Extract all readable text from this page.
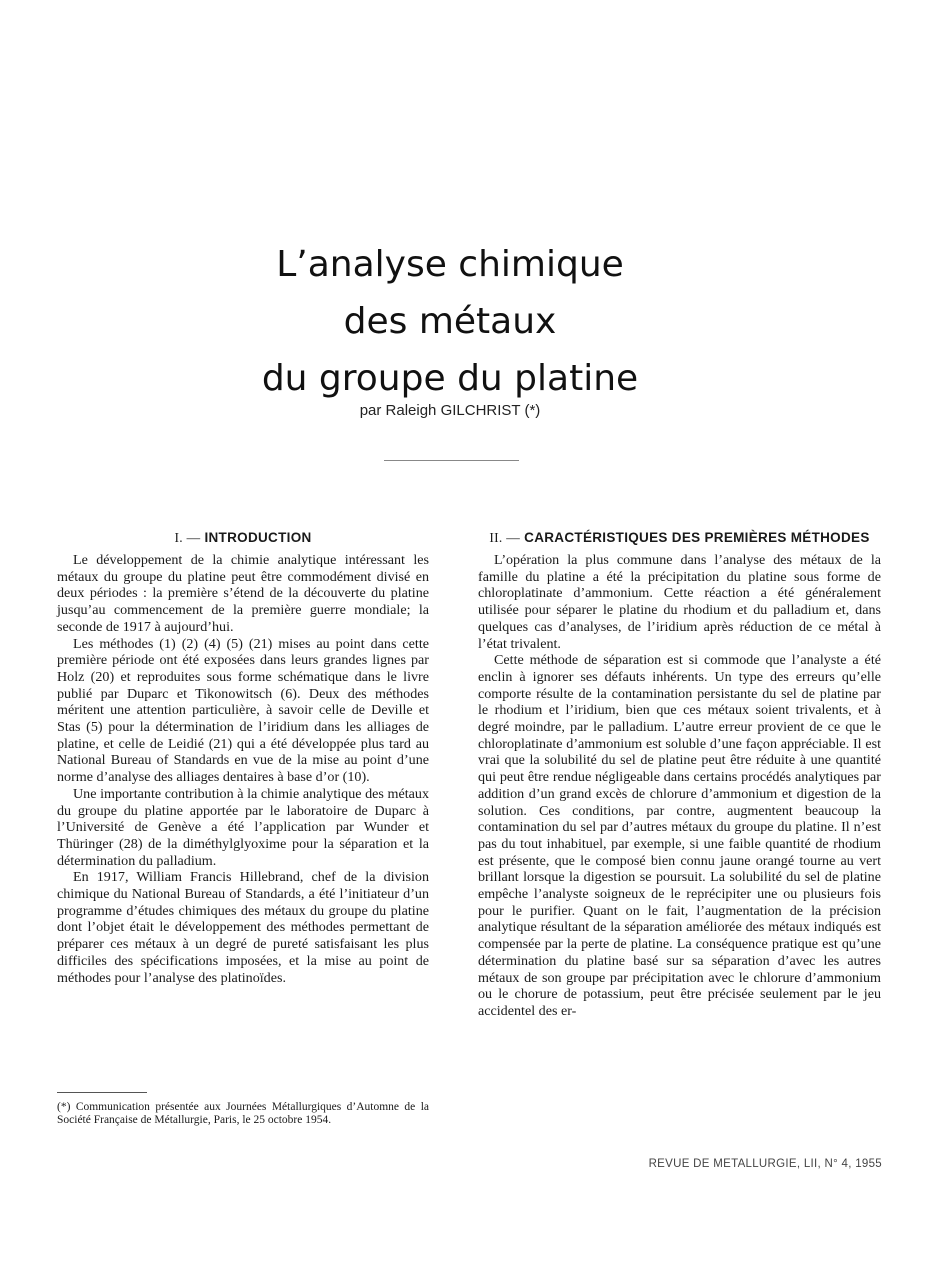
L’analyse chimique
des métaux
du groupe du platine
par Raleigh GILCHRIST (*)
I. — INTRODUCTION

Le développement de la chimie analytique intéressant les métaux du groupe du platine peut être commodément divisé en deux périodes : la première s’étend de la découverte du platine jusqu’au commencement de la première guerre mondiale; la seconde de 1917 à aujourd’hui.

Les méthodes (1) (2) (4) (5) (21) mises au point dans cette première période ont été exposées dans leurs grandes lignes par Holz (20) et reproduites sous forme schématique dans le livre publié par Duparc et Tikonowitsch (6). Deux des méthodes méritent une attention particulière, à savoir celle de Deville et Stas (5) pour la détermination de l’iridium dans les alliages de platine, et celle de Leidié (21) qui a été développée plus tard au National Bureau of Standards en vue de la mise au point d’une norme d’analyse des alliages dentaires à base d’or (10).

Une importante contribution à la chimie analytique des métaux du groupe du platine apportée par le laboratoire de Duparc à l’Université de Genève a été l’application par Wunder et Thüringer (28) de la diméthylglyoxime pour la séparation et la détermination du palladium.

En 1917, William Francis Hillebrand, chef de la division chimique du National Bureau of Standards, a été l’initiateur d’un programme d’études chimiques des métaux du groupe du platine dont l’objet était le développement des méthodes permettant de préparer ces métaux à un degré de pureté satisfaisant les plus difficiles des spécifications imposées, et la mise au point de méthodes pour l’analyse des platinoïdes.

(*) Communication présentée aux Journées Métallurgiques d’Automne de la Société Française de Métallurgie, Paris, le 25 octobre 1954.
II. — CARACTÉRISTIQUES DES PREMIÈRES MÉTHODES

L’opération la plus commune dans l’analyse des métaux de la famille du platine a été la précipitation du platine sous forme de chloroplatinate d’ammonium. Cette réaction a été généralement utilisée pour séparer le platine du rhodium et du palladium et, dans quelques cas d’analyses, de l’iridium après réduction de ce métal à l’état trivalent.

Cette méthode de séparation est si commode que l’analyste a été enclin à ignorer ses défauts inhérents. Un type des erreurs qu’elle comporte résulte de la contamination persistante du sel de platine par le rhodium et l’iridium, bien que ces métaux soient trivalents, et à degré moindre, par le palladium. L’autre erreur provient de ce que le chloroplatinate d’ammonium est soluble d’une façon appréciable. Il est vrai que la solubilité du sel de platine peut être réduite à une quantité qui peut être rendue négligeable dans certains procédés analytiques par addition d’un grand excès de chlorure d’ammonium et digestion de la solution. Ces conditions, par contre, augmentent beaucoup la contamination du sel par d’autres métaux du groupe du platine. Il n’est pas du tout inhabituel, par exemple, si une faible quantité de rhodium est présente, que le composé bien connu jaune orangé tourne au vert brillant lorsque la digestion se poursuit. La solubilité du sel de platine empêche l’analyste soigneux de le reprécipiter une ou plusieurs fois pour le purifier. Quant on le fait, l’augmentation de la précision analytique résultant de la séparation améliorée des métaux indiqués est compensée par la perte de platine. La conséquence pratique est qu’une détermination du platine basé sur sa séparation d’avec les autres métaux de son groupe par précipitation avec le chlorure d’ammonium ou le chorure de potassium, peut être précisée seulement par le jeu accidentel des er-

REVUE DE METALLURGIE, LII, N° 4, 1955
